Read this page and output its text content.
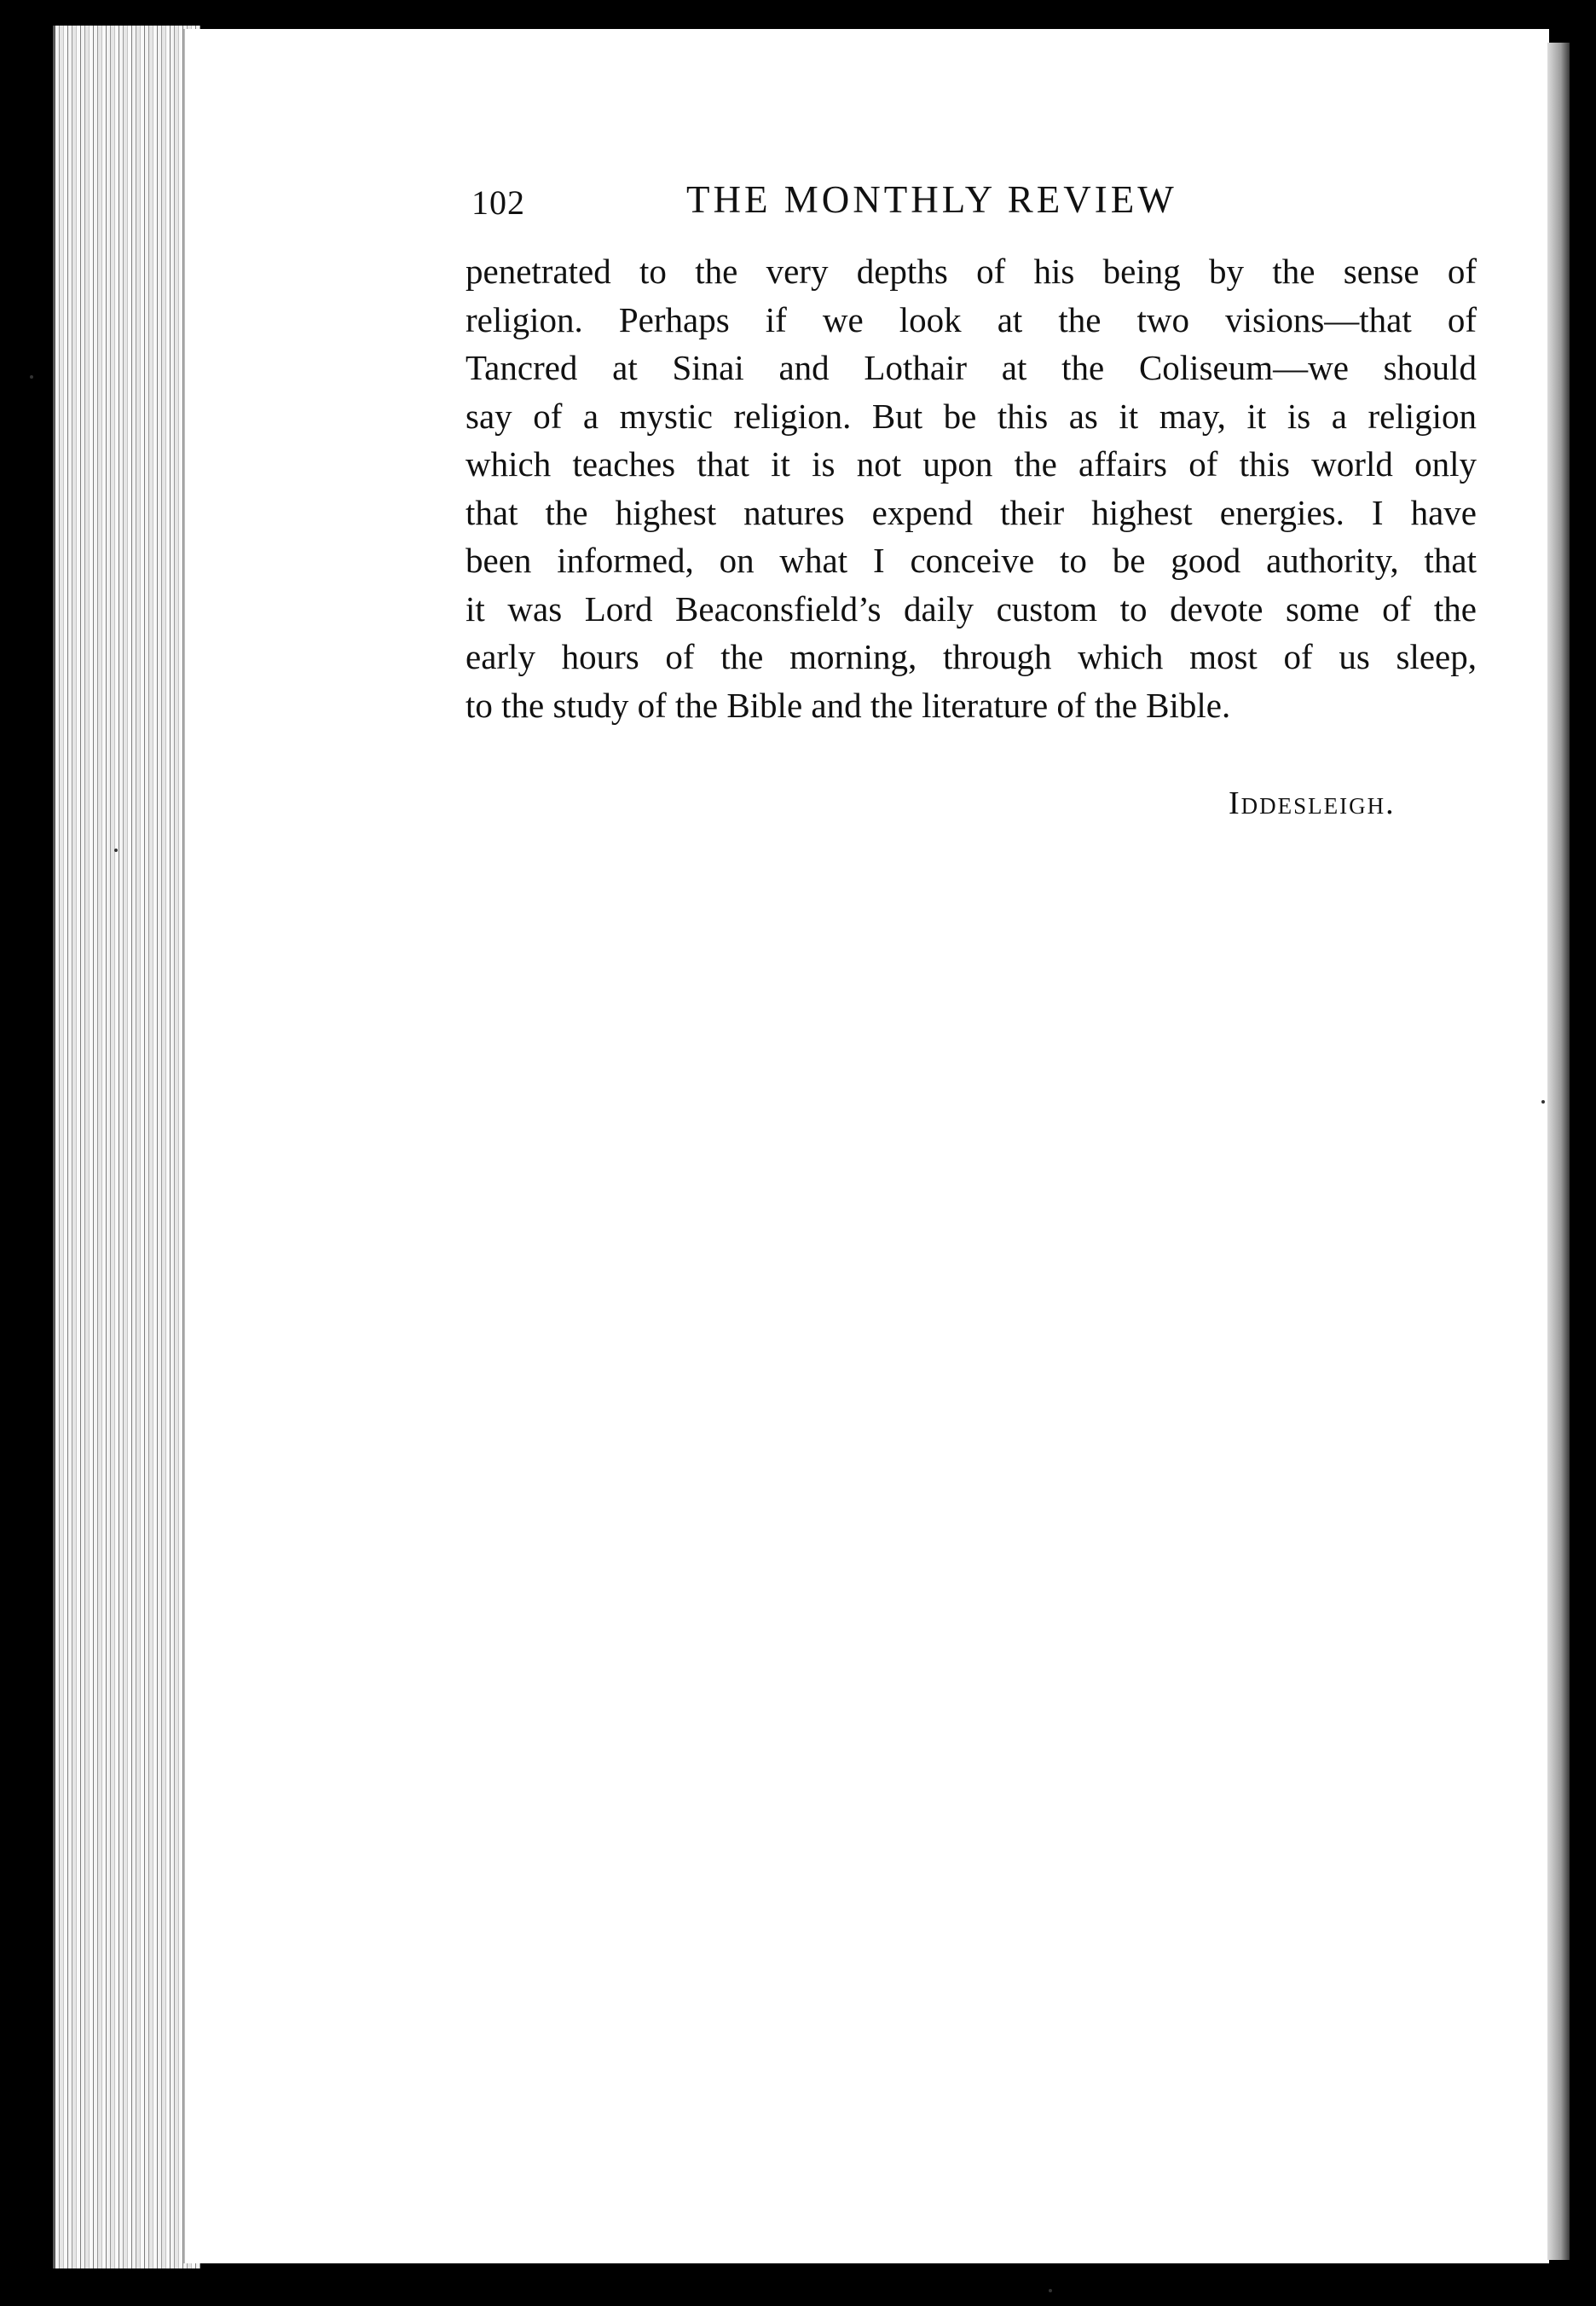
102	THE MONTHLY REVIEW
penetrated to the very depths of his being by the sense of
religion. Perhaps if we look at the two visions—that of
Tancred at Sinai and Lothair at the Coliseum—we should
say of a mystic religion. But be this as it may, it is a religion
which teaches that it is not upon the affairs of this world only
that the highest natures expend their highest energies. I have
been informed, on what I conceive to be good authority, that
it was Lord Beaconsfield’s daily custom to devote some of the
early hours of the morning, through which most of us sleep,
to the study of the Bible and the literature of the Bible.
Iddesleigh.
